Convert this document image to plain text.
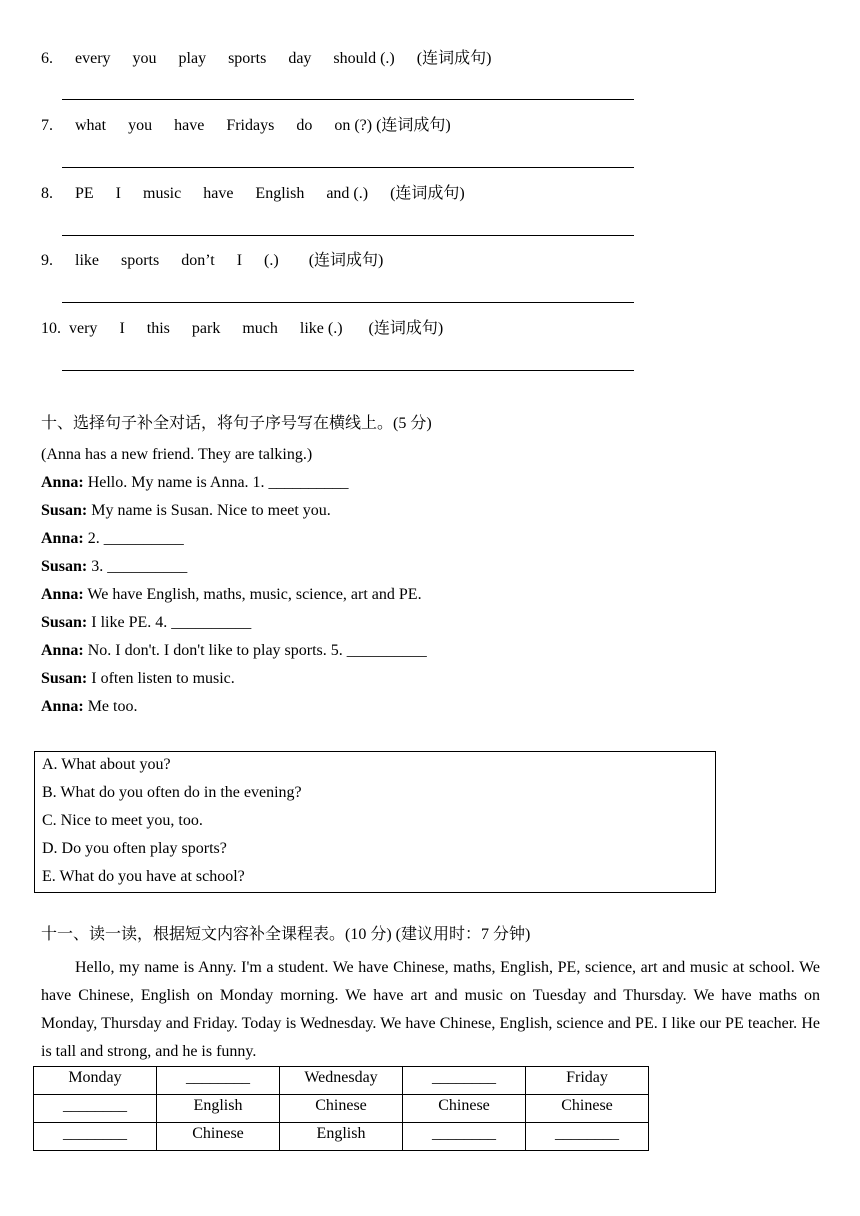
6. every you play sports day should (.) (连词成句)
7. what you have Fridays do on (?) (连词成句)
8. PE I music have English and (.) (连词成句)
9. like sports don’t I (.) (连词成句)
10. very I this park much like (.) (连词成句)
十、选择句子补全对话，将句子序号写在横线上。(5 分)
(Anna has a new friend. They are talking.)
Anna: Hello. My name is Anna. 1. __________
Susan: My name is Susan. Nice to meet you.
Anna: 2. __________
Susan: 3. __________
Anna: We have English, maths, music, science, art and PE.
Susan: I like PE. 4. __________
Anna: No. I don't. I don't like to play sports. 5. __________
Susan: I often listen to music.
Anna: Me too.
A. What about you?
B. What do you often do in the evening?
C. Nice to meet you, too.
D. Do you often play sports?
E. What do you have at school?
十一、读一读，根据短文内容补全课程表。(10 分) (建议用时：7 分钟)
Hello, my name is Anny. I'm a student. We have Chinese, maths, English, PE, science, art and music at school. We have Chinese, English on Monday morning. We have art and music on Tuesday and Thursday. We have maths on Monday, Thursday and Friday. Today is Wednesday. We have Chinese, English, science and PE. I like our PE teacher. He is tall and strong, and he is funny.
Monday	________	Wednesday	________	Friday
________	English	Chinese	Chinese	Chinese
________	Chinese	English	________	________
